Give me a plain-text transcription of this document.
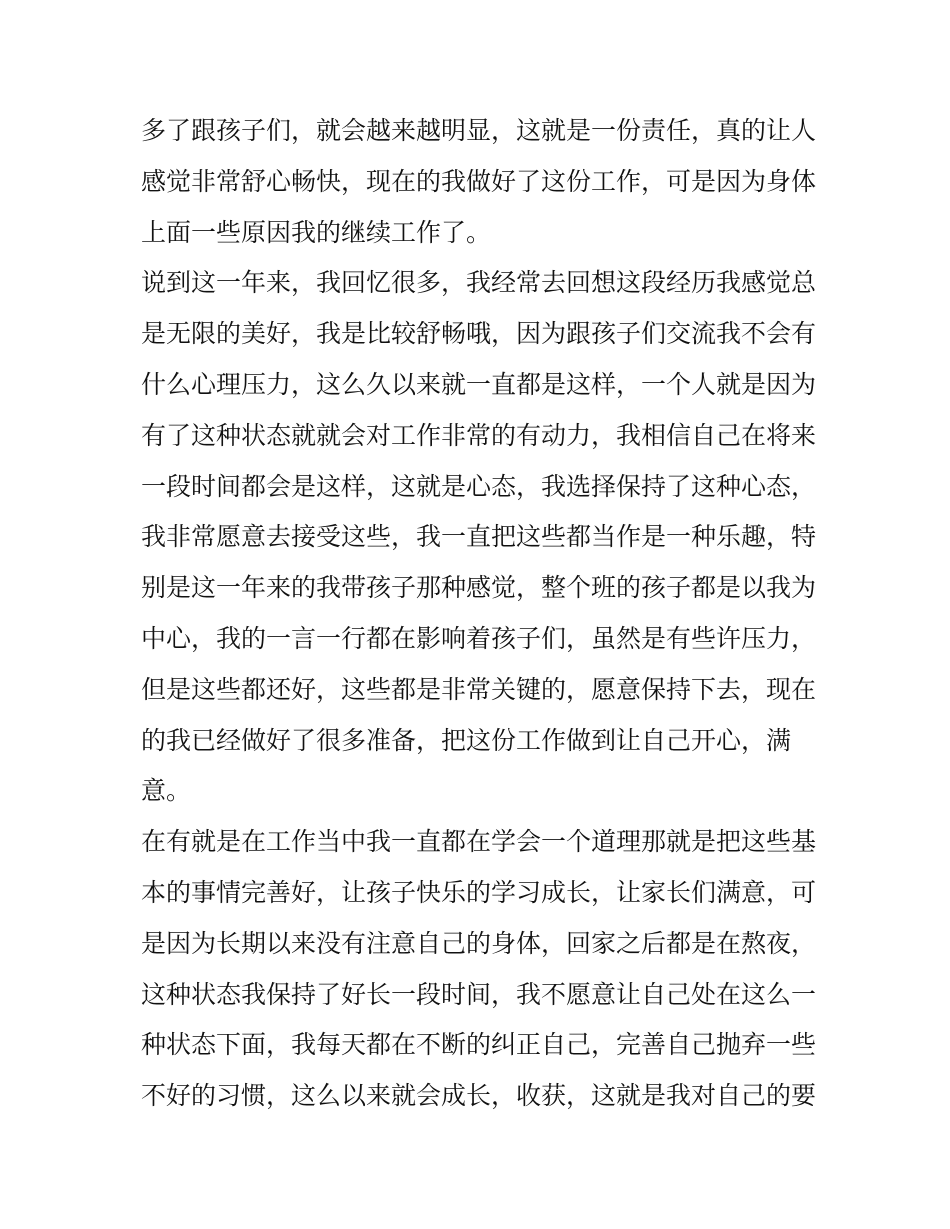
多了跟孩子们，就会越来越明显，这就是一份责任，真的让人
感觉非常舒心畅快，现在的我做好了这份工作，可是因为身体
上面一些原因我的继续工作了。
说到这一年来，我回忆很多，我经常去回想这段经历我感觉总
是无限的美好，我是比较舒畅哦，因为跟孩子们交流我不会有
什么心理压力，这么久以来就一直都是这样，一个人就是因为
有了这种状态就就会对工作非常的有动力，我相信自己在将来
一段时间都会是这样，这就是心态，我选择保持了这种心态，
我非常愿意去接受这些，我一直把这些都当作是一种乐趣，特
别是这一年来的我带孩子那种感觉，整个班的孩子都是以我为
中心，我的一言一行都在影响着孩子们，虽然是有些许压力，
但是这些都还好，这些都是非常关键的，愿意保持下去，现在
的我已经做好了很多准备，把这份工作做到让自己开心，满
意。
在有就是在工作当中我一直都在学会一个道理那就是把这些基
本的事情完善好，让孩子快乐的学习成长，让家长们满意，可
是因为长期以来没有注意自己的身体，回家之后都是在熬夜，
这种状态我保持了好长一段时间，我不愿意让自己处在这么一
种状态下面，我每天都在不断的纠正自己，完善自己抛弃一些
不好的习惯，这么以来就会成长，收获，这就是我对自己的要
